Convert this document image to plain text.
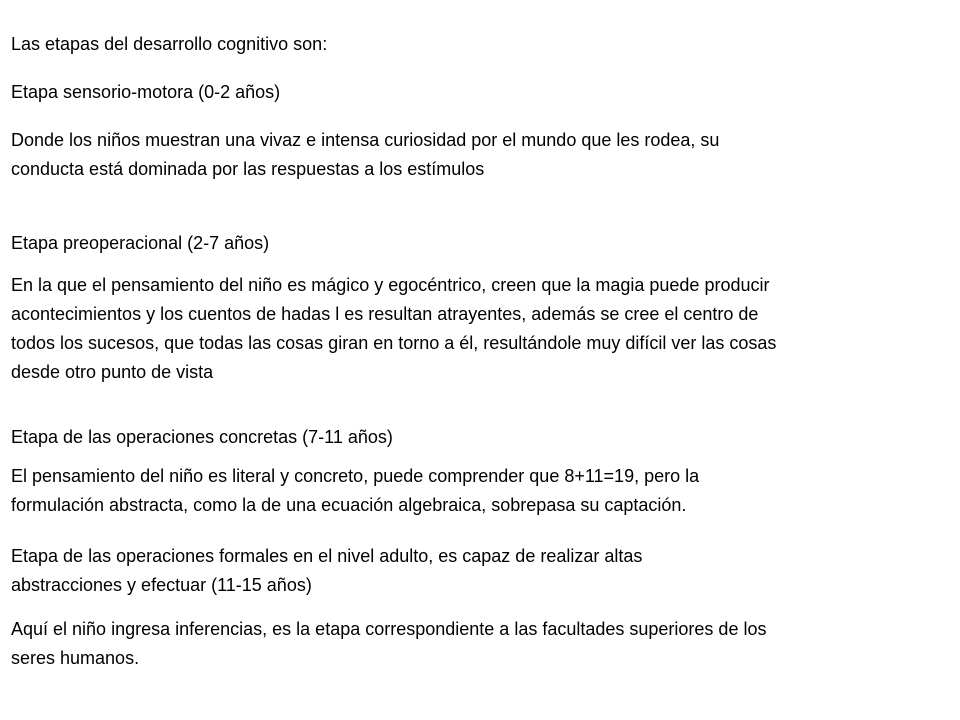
Las etapas del desarrollo cognitivo son:
Etapa sensorio-motora (0-2 años)
Donde los niños muestran una vivaz e intensa curiosidad por el mundo que les rodea, su
conducta está dominada por las respuestas a los estímulos
Etapa preoperacional (2-7 años)
En la que el pensamiento del niño es mágico y egocéntrico, creen que la magia puede producir
acontecimientos y los cuentos de hadas l es resultan atrayentes, además se cree el centro de
todos los sucesos, que todas las cosas giran en torno a él, resultándole muy difícil ver las cosas
desde otro punto de vista
Etapa de las operaciones concretas (7-11 años)
El pensamiento del niño es literal y concreto, puede comprender que 8+11=19, pero la
formulación abstracta, como la de una ecuación algebraica, sobrepasa su captación.
Etapa de las operaciones formales en el nivel adulto, es capaz de realizar altas
abstracciones y efectuar (11-15 años)
Aquí el niño ingresa inferencias, es la etapa correspondiente a las facultades superiores de los
seres humanos.
